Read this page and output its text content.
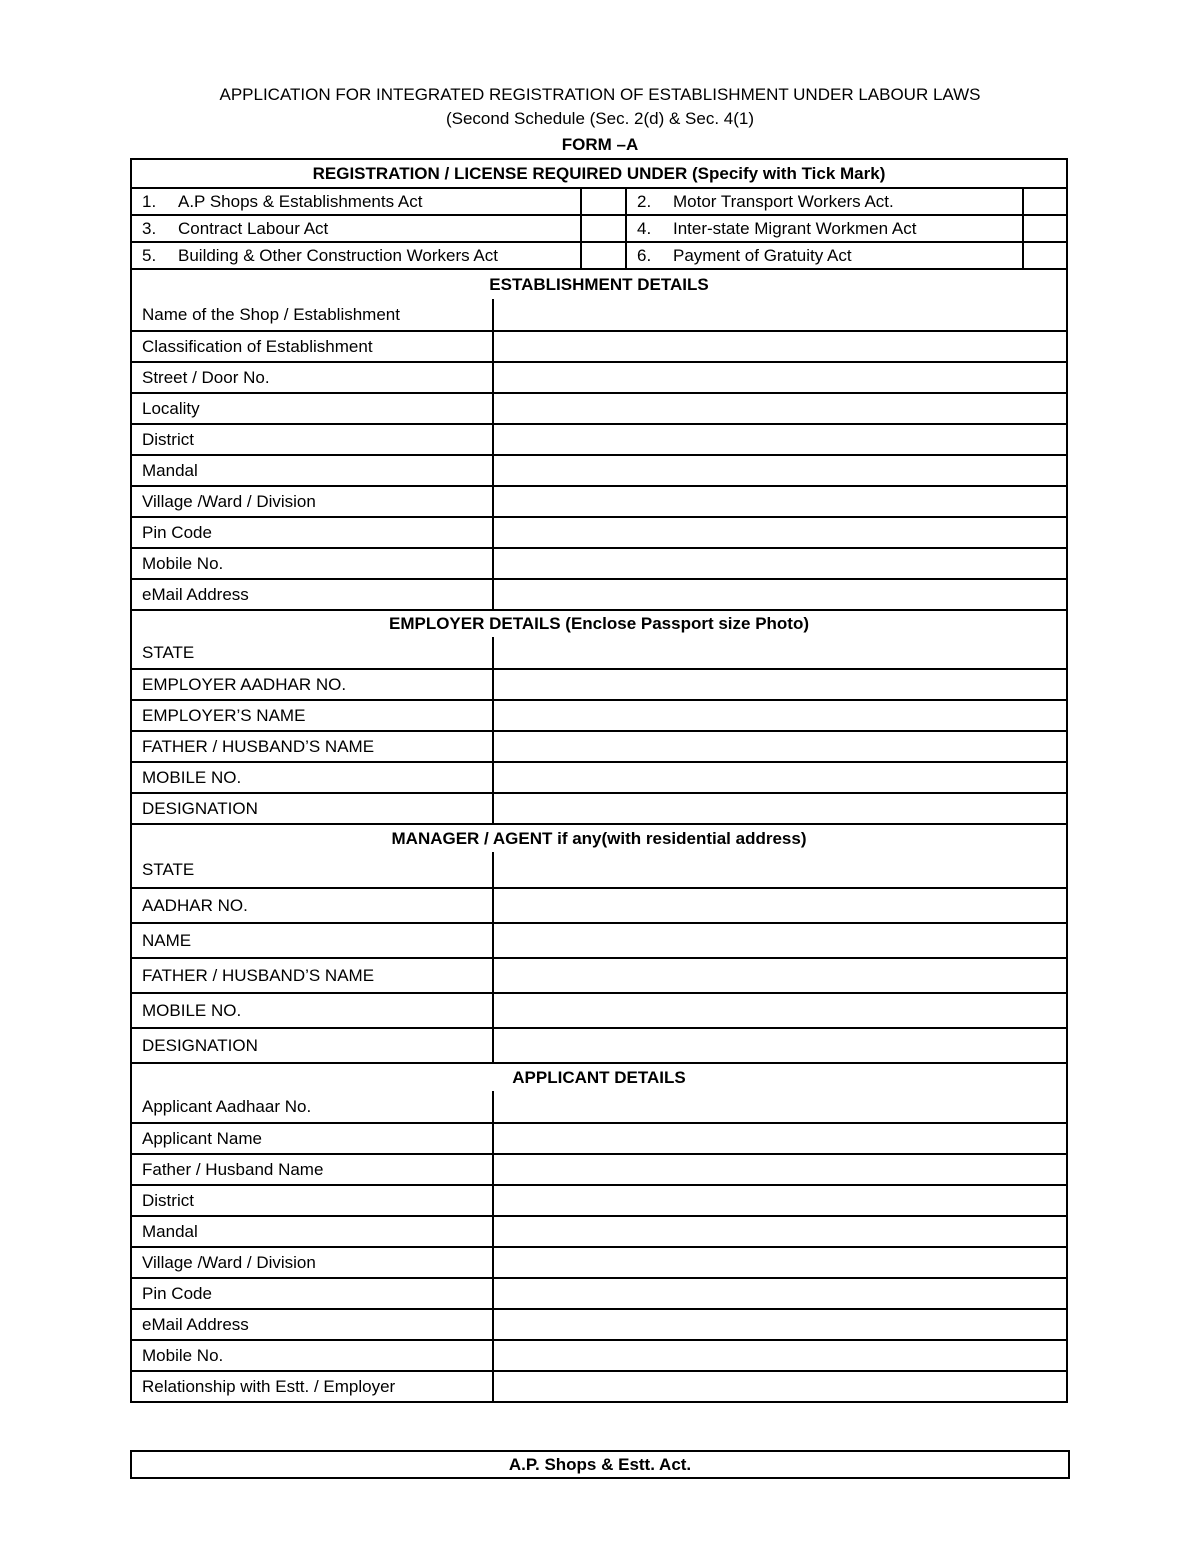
APPLICATION FOR INTEGRATED REGISTRATION OF ESTABLISHMENT UNDER LABOUR LAWS
(Second Schedule (Sec. 2(d) & Sec. 4(1)
FORM –A
REGISTRATION / LICENSE REQUIRED UNDER (Specify with Tick Mark)
1.	A.P Shops & Establishments Act	2.	Motor Transport Workers Act.
3.	Contract Labour Act	4.	Inter-state Migrant Workmen Act
5.	Building & Other Construction Workers Act	6.	Payment of Gratuity Act
ESTABLISHMENT DETAILS
Name of the Shop / Establishment
Classification of Establishment
Street / Door No.
Locality
District
Mandal
Village /Ward / Division
Pin Code
Mobile No.
eMail Address
EMPLOYER DETAILS (Enclose Passport size Photo)
STATE
EMPLOYER AADHAR NO.
EMPLOYER’S NAME
FATHER / HUSBAND’S NAME
MOBILE NO.
DESIGNATION
MANAGER / AGENT if any(with residential address)
STATE
AADHAR NO.
NAME
FATHER / HUSBAND’S NAME
MOBILE NO.
DESIGNATION
APPLICANT DETAILS
Applicant Aadhaar No.
Applicant Name
Father / Husband Name
District
Mandal
Village /Ward / Division
Pin Code
eMail Address
Mobile No.
Relationship with Estt. / Employer
A.P. Shops & Estt. Act.
